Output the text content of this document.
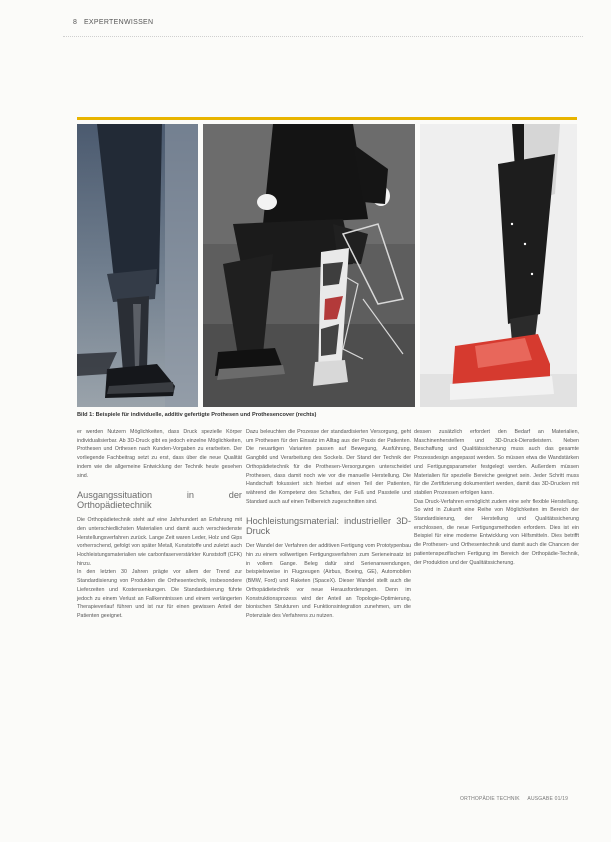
8 EXPERTENWISSEN
Bild 1: Beispiele für individuelle, additiv gefertigte Prothesen und Prothesencover (rechts)

er werden Nutzern Möglichkeiten, dass Druck spezielle Körper individualisierbar. Ab 3D-Druck gibt es jedoch einzelne Möglichkeiten, Prothesen und Orthesen nach Kunden-Vorgaben zu erarbeiten. Der vorliegende Fachbeitrag setzt zu erst, dass über die neue Qualität indem wie die allgemeine Entwicklung der Technik heute gesehen sind.

Ausgangssituation in der Orthopädietechnik

Die Orthopädietechnik steht auf eine Jahrhundert an Erfahrung mit den unterschiedlichsten Materialien und damit auch verschiedenste Herstellungsverfahren zurück. Lange Zeit waren Leder, Holz und Gips vorherrschend, gefolgt von später Metall, Kunststoffe und zuletzt auch Hochleistungsmaterialien wie carbonfaserverstärkter Kunststoff (CFK) hinzu.

In den letzten 30 Jahren prägte vor allem der Trend zur Standardisierung von Produkten die Orthesentechnik, insbesondere Lieferzeiten und Kostensenkungen. Die Standardisierung führte jedoch zu einem Verlust an Fallkenntnissen und einem verlängerten Therapieverlauf führen und ist nur für einen gewissen Anteil der Patienten geeignet.

Dazu beleuchten die Prozesse der standardisierten Versorgung, geht um Prothesen für den Einsatz im Alltag aus der Praxis der Patienten. Die neuartigen Varianten passen auf Bewegung, Ausführung, Gangbild und Verarbeitung des Sockels. Der Stand der Technik der Orthopädietechnik für die Prothesen-Versorgungen unterscheidet Prothesen, dass damit noch wie vor die manuelle Herstellung. Die Handschaft fokussiert sich hierbei auf einen Teil der Patienten, während die Kompetenz des Schaftes, der Fuß und Passteile und Standard auch auf einen Teilbereich zugeschnitten sind.

Hochleistungsmaterial: industrieller 3D-Druck

Der Wandel der Verfahren der additiven Fertigung vom Prototypenbau hin zu einem vollwertigen Fertigungsverfahren zum Serieneinsatz ist in vollem Gange. Beleg dafür sind Serienanwendungen, beispielsweise in Flugzeugen (Airbus, Boeing, GE), Automobilen (BMW, Ford) und Raketen (SpaceX). Dieser Wandel stellt auch die Orthopädietechnik vor neue Herausforderungen. Denn im Konstruktionsprozess wird der Anteil an Topologie-Optimierung, bionischen Strukturen und Funktionsintegration zunehmen, um die Potenziale des Verfahrens zu nutzen.

dessen zusätzlich erfordert den Bedarf an Materialien, Maschinenherstellern und 3D-Druck-Dienstleistern. Neben Beschaffung und Qualitätssicherung muss auch das gesamte Prozessdesign angepasst werden. So müssen etwa die Wandstärken und Fertigungsparameter festgelegt werden. Außerdem müssen Materialien für spezielle Bereiche geeignet sein. Jeder Schritt muss für die Zertifizierung dokumentiert werden, damit das 3D-Drucken mit stabilen Prozessen erfolgen kann.

Das Druck-Verfahren ermöglicht zudem eine sehr flexible Herstellung. So wird in Zukunft eine Reihe von Möglichkeiten im Bereich der Standardisierung, der Herstellung und Qualitätssicherung erschlossen, die neue Fertigungsmethoden erfordern. Dies ist ein Beispiel für eine moderne Entwicklung von Hilfsmitteln. Dies betrifft die Prothesen- und Orthesentechnik und damit auch die Chancen der patientenspezifischen Fertigung im Bereich der Orthopädie-Technik, der Produktion und der Qualitätssicherung.

ORTHOPÄDIE TECHNIK AUSGABE 01/19
